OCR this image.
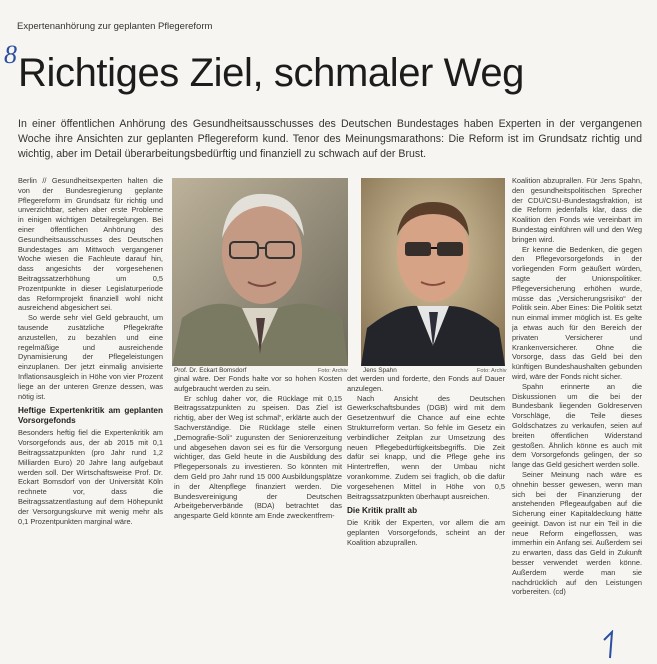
Expertenanhörung zur geplanten Pflegereform
8 Richtiges Ziel, schmaler Weg
In einer öffentlichen Anhörung des Gesundheitsausschusses des Deutschen Bundestages haben Experten in der vergangenen Woche ihre Ansichten zur geplanten Pflegereform kund. Tenor des Meinungsmarathons: Die Reform ist im Grundsatz richtig und wichtig, aber im Detail überarbeitungsbedürftig und finanziell zu schwach auf der Brust.

Berlin // Gesundheitsexperten halten die von der Bundesregierung geplante Pflegereform im Grundsatz für richtig und unverzichtbar, sehen aber erste Probleme in einigen wichtigen Detailregelungen. Bei einer öffentlichen Anhörung des Gesundheitsausschusses des Deutschen Bundestages am Mittwoch vergangener Woche wiesen die Fachleute darauf hin, dass angesichts der vorgesehenen Beitragssatzerhöhung um 0,5 Prozentpunkte in dieser Legislaturperiode das Reformprojekt finanziell wohl nicht ausreichend abgesichert sei.

So werde sehr viel Geld gebraucht, um tausende zusätzliche Pflegekräfte anzustellen, zu bezahlen und eine regelmäßige und ausreichende Dynamisierung der Pflegeleistungen einzuplanen. Der jetzt einmalig anvisierte Inflationsausgleich in Höhe von vier Prozent liege an der unteren Grenze dessen, was nötig ist.

Heftige Expertenkritik am geplanten Vorsorgefonds

Besonders heftig fiel die Expertenkritik am Vorsorgefonds aus, der ab 2015 mit 0,1 Beitragssatzpunkten (pro Jahr rund 1,2 Milliarden Euro) 20 Jahre lang aufgebaut werden soll. Der Wirtschaftsweise Prof. Dr. Eckart Bomsdorf von der Universität Köln rechnete vor, dass die Beitragssatzentlastung auf dem Höhepunkt der Versorgungskurve mit wenig mehr als 0,1 Prozentpunkten marginal wäre.

Prof. Dr. Eckart Bomsdorf	Foto: Archiv Jens Spahn	Foto: Archiv

ginal wäre. Der Fonds halte vor so hohen Kosten aufgebraucht werden zu sein.

Er schlug daher vor, die Rücklage mit 0,15 Beitragssatzpunkten zu speisen. Das Ziel ist richtig, aber der Weg ist schmal“, erklärte auch der Sachverständige. Die Rücklage stelle einen „Demografie-Soli“ zugunsten der Seniorenzeitung und abgesehen davon sei es für die Versorgung wichtiger, das Geld heute in die Ausbildung des Pflegepersonals zu investieren. So könnten mit dem Geld pro Jahr rund 15 000 Ausbildungsplätze in der Altenpflege finanziert werden. Die Bundesvereinigung der Deutschen Arbeitgeberverbände (BDA) betrachtet das angesparte Geld könnte am Ende zweckentfrem-

det werden und forderte, den Fonds auf Dauer anzulegen.

Nach Ansicht des Deutschen Gewerkschaftsbundes (DGB) wird mit dem Gesetzentwurf die Chance auf eine echte Strukturreform vertan. So fehle im Gesetz ein verbindlicher Zeitplan zur Umsetzung des neuen Pflegebedürftigkeitsbegriffs. Die Zeit dafür sei knapp, und die Pflege gehe ins Hintertreffen, wenn der Umbau nicht vorankomme. Zudem sei fraglich, ob die dafür vorgesehenen Mittel in Höhe von 0,5 Beitragssatzpunkten überhaupt ausreichen.

Die Kritik prallt ab

Die Kritik der Experten, vor allem die am geplanten Vorsorgefonds, scheint an der Koalition abzuprallen.

Koalition abzuprallen. Für Jens Spahn, den gesundheitspolitischen Sprecher der CDU/CSU-Bundestagsfraktion, ist die Reform jedenfalls klar, dass die Koalition den Fonds wie vereinbart im Bundestag einführen will und den Weg bringen wird.

Er kenne die Bedenken, die gegen den Pflegevorsorgefonds in der vorliegenden Form geäußert würden, sagte der Unionspolitiker. Pflegeversicherung erhöhen wurde, müsse das „Versicherungsrisiko“ der Politik sein. Aber Eines: Die Politik setzt nun einmal immer möglich ist. Es gelte ja etwas auch für den Bereich der privaten Versicherer und Krankenversicherer. Ohne die Vorsorge, dass das Geld bei den künftigen Bundeshaushalten gebunden wird, wäre der Fonds nicht sicher.

Spahn erinnerte an die Diskussionen um die bei der Bundesbank liegenden Goldreserven Vorschläge, die Teile dieses Goldschatzes zu verkaufen, seien auf breiten öffentlichen Widerstand gestoßen. Ähnlich könne es auch mit dem Vorsorgefonds gelingen, der so lange das Geld gesichert werden solle.

Seiner Meinung nach wäre es ohnehin besser gewesen, wenn man sich bei der Finanzierung der anstehenden Pflegeaufgaben auf die Sicherung einer Kapitaldeckung hätte geeinigt. Davon ist nur ein Teil in die neue Reform eingeflossen, was immerhin ein Anfang sei. Außerdem sei zu erwarten, dass das Geld in Zukunft besser verwendet werden könne. Außerdem werde man sie nachdrücklich auf den Leistungen vorbereiten. (cd)
